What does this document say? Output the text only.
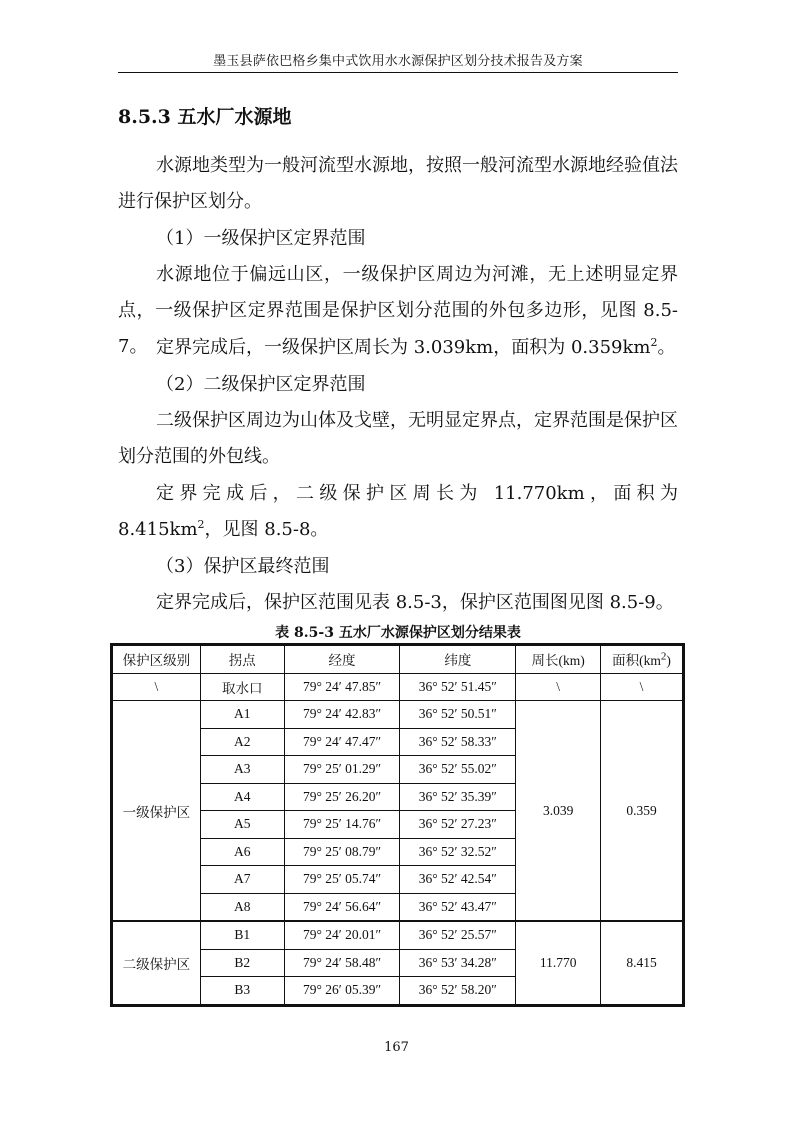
墨玉县萨依巴格乡集中式饮用水水源保护区划分技术报告及方案
8.5.3 五水厂水源地

水源地类型为一般河流型水源地，按照一般河流型水源地经验值法进行保护区划分。

（1）一级保护区定界范围

水源地位于偏远山区，一级保护区周边为河滩，无上述明显定界点，一级保护区定界范围是保护区划分范围的外包多边形，见图 8.5-7。 定界完成后，一级保护区周长为 3.039km，面积为 $0.359km^2$。

（2）二级保护区定界范围

二级保护区周边为山体及戈壁，无明显定界点，定界范围是保护区划分范围的外包线。

定界完成后，二级保护区周长为 11.770km，面积为 $8.415km^2$，见图 8.5-8。

（3）保护区最终范围

定界完成后，保护区范围见表 8.5-3，保护区范围图见图 8.5-9。

表 8.5-3 五水厂水源保护区划分结果表
保护区级别	拐点	经度	纬度	周长(km)	面积$(km^2)$
\	取水口	79° 24′ 47.85″	36° 52′ 51.45″	\	\
一级保护区	A1	79° 24′ 42.83″	36° 52′ 50.51″	3.039	0.359
	A2	79° 24′ 47.47″	36° 52′ 58.33″		
	A3	79° 25′ 01.29″	36° 52′ 55.02″		
	A4	79° 25′ 26.20″	36° 52′ 35.39″		
	A5	79° 25′ 14.76″	36° 52′ 27.23″		
	A6	79° 25′ 08.79″	36° 52′ 32.52″		
	A7	79° 25′ 05.74″	36° 52′ 42.54″		
	A8	79° 24′ 56.64″	36° 52′ 43.47″		
二级保护区	B1	79° 24′ 20.01″	36° 52′ 25.57″	11.770	8.415
	B2	79° 24′ 58.48″	36° 53′ 34.28″		
	B3	79° 26′ 05.39″	36° 52′ 58.20″		
167
